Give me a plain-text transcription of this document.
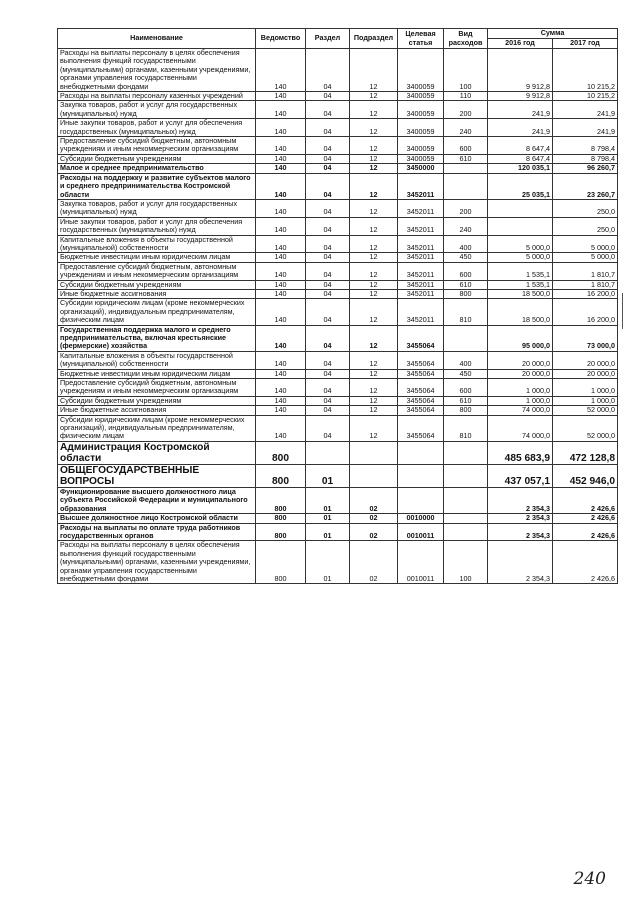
Наименование	Ведомство	Раздел	Подраздел	Целевая статья	Вид расходов	Сумма	
						2016 год	2017 год
Расходы на выплаты персоналу в целях обеспечения выполнения функций государственными (муниципальными) органами, казенными учреждениями, органами управления государственными внебюджетными фондами	140	04	12	3400059	100	9 912,8	10 215,2
Расходы на выплаты персоналу казенных учреждений	140	04	12	3400059	110	9 912,8	10 215,2
Закупка товаров, работ и услуг для государственных (муниципальных) нужд	140	04	12	3400059	200	241,9	241,9
Иные закупки товаров, работ и услуг для обеспечения государственных (муниципальных) нужд	140	04	12	3400059	240	241,9	241,9
Предоставление субсидий бюджетным, автономным учреждениям и иным некоммерческим организациям	140	04	12	3400059	600	8 647,4	8 798,4
Субсидии бюджетным учреждениям	140	04	12	3400059	610	8 647,4	8 798,4
Малое и среднее предпринимательство	140	04	12	3450000		120 035,1	96 260,7
Расходы на поддержку и развитие субъектов малого и среднего предпринимательства Костромской области	140	04	12	3452011		25 035,1	23 260,7
Закупка товаров, работ и услуг для государственных (муниципальных) нужд	140	04	12	3452011	200		250,0
Иные закупки товаров, работ и услуг для обеспечения государственных (муниципальных) нужд	140	04	12	3452011	240		250,0
Капитальные вложения в объекты государственной (муниципальной) собственности	140	04	12	3452011	400	5 000,0	5 000,0
Бюджетные инвестиции иным юридическим лицам	140	04	12	3452011	450	5 000,0	5 000,0
Предоставление субсидий бюджетным, автономным учреждениям и иным некоммерческим организациям	140	04	12	3452011	600	1 535,1	1 810,7
Субсидии бюджетным учреждениям	140	04	12	3452011	610	1 535,1	1 810,7
Иные бюджетные ассигнования	140	04	12	3452011	800	18 500,0	16 200,0
Субсидии юридическим лицам (кроме некоммерческих организаций), индивидуальным предпринимателям, физическим лицам	140	04	12	3452011	810	18 500,0	16 200,0
Государственная поддержка малого и среднего предпринимательства, включая крестьянские (фермерские) хозяйства	140	04	12	3455064		95 000,0	73 000,0
Капитальные вложения в объекты государственной (муниципальной) собственности	140	04	12	3455064	400	20 000,0	20 000,0
Бюджетные инвестиции иным юридическим лицам	140	04	12	3455064	450	20 000,0	20 000,0
Предоставление субсидий бюджетным, автономным учреждениям и иным некоммерческим организациям	140	04	12	3455064	600	1 000,0	1 000,0
Субсидии бюджетным учреждениям	140	04	12	3455064	610	1 000,0	1 000,0
Иные бюджетные ассигнования	140	04	12	3455064	800	74 000,0	52 000,0
Субсидии юридическим лицам (кроме некоммерческих организаций), индивидуальным предпринимателям, физическим лицам	140	04	12	3455064	810	74 000,0	52 000,0
Администрация Костромской области	800					485 683,9	472 128,8
ОБЩЕГОСУДАРСТВЕННЫЕ ВОПРОСЫ	800	01				437 057,1	452 946,0
Функционирование высшего должностного лица субъекта Российской Федерации и муниципального образования	800	01	02			2 354,3	2 426,6
Высшее должностное лицо Костромской области	800	01	02	0010000		2 354,3	2 426,6
Расходы на выплаты по оплате труда работников государственных органов	800	01	02	0010011		2 354,3	2 426,6
Расходы на выплаты персоналу в целях обеспечения выполнения функций государственными (муниципальными) органами, казенными учреждениями, органами управления государственными внебюджетными фондами	800	01	02	0010011	100	2 354,3	2 426,6
240
